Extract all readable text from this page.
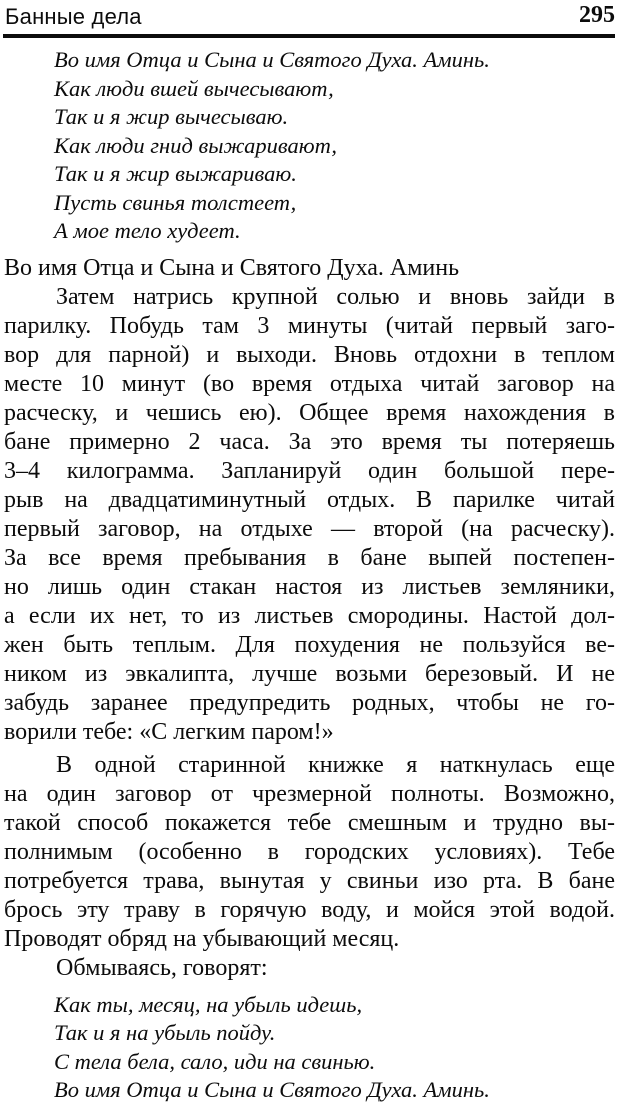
Банные дела	295
Во имя Отца и Сына и Святого Духа. Аминь.
Как люди вшей вычесывают,
Так и я жир вычесываю.
Как люди гнид выжаривают,
Так и я жир выжариваю.
Пусть свинья толстеет,
А мое тело худеет.
Во имя Отца и Сына и Святого Духа. Аминь
Затем натрись крупной солью и вновь зайди в
парилку. Побудь там 3 минуты (читай первый заго-
вор для парной) и выходи. Вновь отдохни в теплом
месте 10 минут (во время отдыха читай заговор на
расческу, и чешись ею). Общее время нахождения в
бане примерно 2 часа. За это время ты потеряешь
3–4 килограмма. Запланируй один большой пере-
рыв на двадцатиминутный отдых. В парилке читай
первый заговор, на отдыхе — второй (на расческу).
За все время пребывания в бане выпей постепен-
но лишь один стакан настоя из листьев земляники,
а если их нет, то из листьев смородины. Настой дол-
жен быть теплым. Для похудения не пользуйся ве-
ником из эвкалипта, лучше возьми березовый. И не
забудь заранее предупредить родных, чтобы не го-
ворили тебе: «С легким паром!»
В одной старинной книжке я наткнулась еще
на один заговор от чрезмерной полноты. Возможно,
такой способ покажется тебе смешным и трудно вы-
полнимым (особенно в городских условиях). Тебе
потребуется трава, вынутая у свиньи изо рта. В бане
брось эту траву в горячую воду, и мойся этой водой.
Проводят обряд на убывающий месяц.
Обмываясь, говорят:
Как ты, месяц, на убыль идешь,
Так и я на убыль пойду.
С тела бела, сало, иди на свинью.
Во имя Отца и Сына и Святого Духа. Аминь.
